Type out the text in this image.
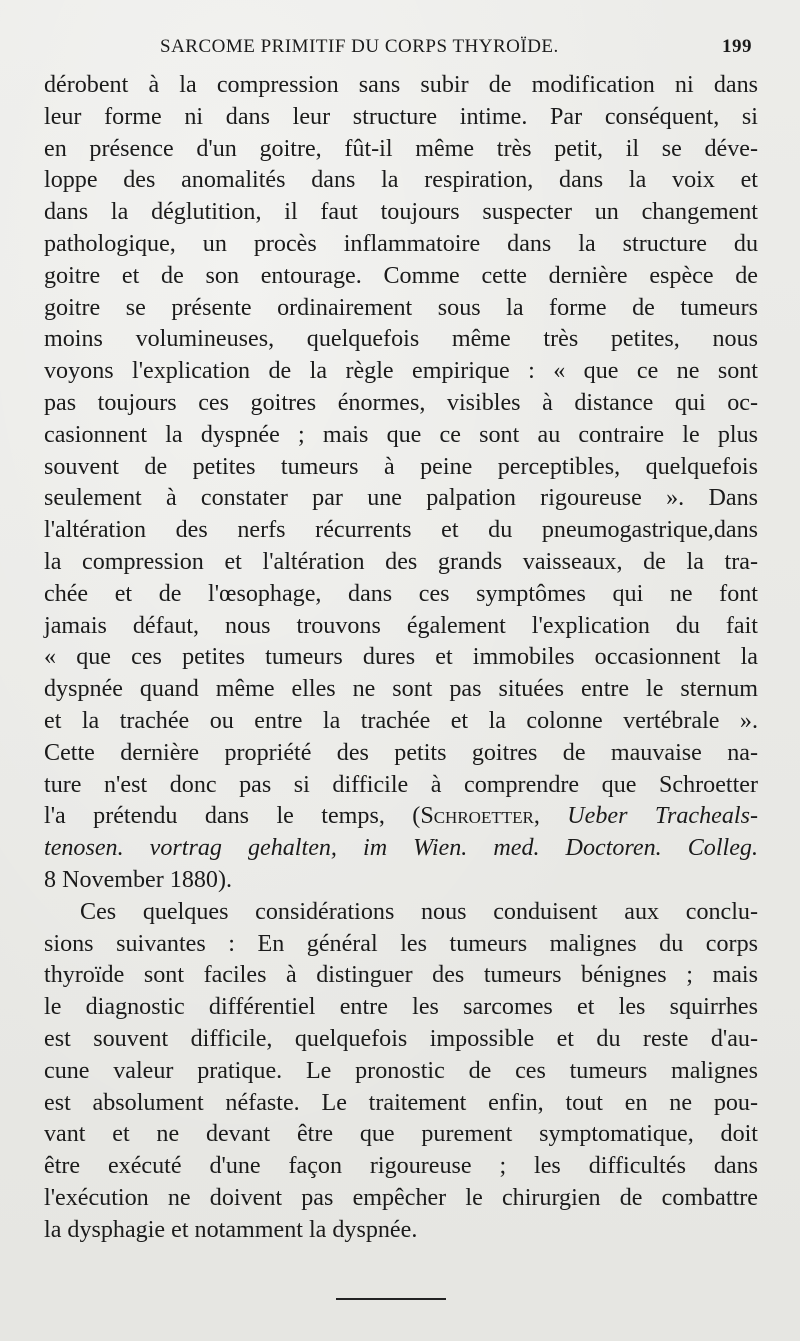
SARCOME PRIMITIF DU CORPS THYROÏDE.	199
dérobent à la compression sans subir de modification ni dans
leur forme ni dans leur structure intime. Par conséquent, si
en présence d'un goitre, fût-il même très petit, il se déve-
loppe des anomalités dans la respiration, dans la voix et
dans la déglutition, il faut toujours suspecter un changement
pathologique, un procès inflammatoire dans la structure du
goitre et de son entourage. Comme cette dernière espèce de
goitre se présente ordinairement sous la forme de tumeurs
moins volumineuses, quelquefois même très petites, nous
voyons l'explication de la règle empirique : « que ce ne sont
pas toujours ces goitres énormes, visibles à distance qui oc-
casionnent la dyspnée ; mais que ce sont au contraire le plus
souvent de petites tumeurs à peine perceptibles, quelquefois
seulement à constater par une palpation rigoureuse ». Dans
l'altération des nerfs récurrents et du pneumogastrique,dans
la compression et l'altération des grands vaisseaux, de la tra-
chée et de l'œsophage, dans ces symptômes qui ne font
jamais défaut, nous trouvons également l'explication du fait
« que ces petites tumeurs dures et immobiles occasionnent la
dyspnée quand même elles ne sont pas situées entre le sternum
et la trachée ou entre la trachée et la colonne vertébrale ».
Cette dernière propriété des petits goitres de mauvaise na-
ture n'est donc pas si difficile à comprendre que Schroetter
l'a prétendu dans le temps, (Schroetter, Ueber Tracheals-
tenosen. vortrag gehalten, im Wien. med. Doctoren. Colleg.
8 November 1880).
Ces quelques considérations nous conduisent aux conclu-
sions suivantes : En général les tumeurs malignes du corps
thyroïde sont faciles à distinguer des tumeurs bénignes ; mais
le diagnostic différentiel entre les sarcomes et les squirrhes
est souvent difficile, quelquefois impossible et du reste d'au-
cune valeur pratique. Le pronostic de ces tumeurs malignes
est absolument néfaste. Le traitement enfin, tout en ne pou-
vant et ne devant être que purement symptomatique, doit
être exécuté d'une façon rigoureuse ; les difficultés dans
l'exécution ne doivent pas empêcher le chirurgien de combattre
la dysphagie et notamment la dyspnée.
